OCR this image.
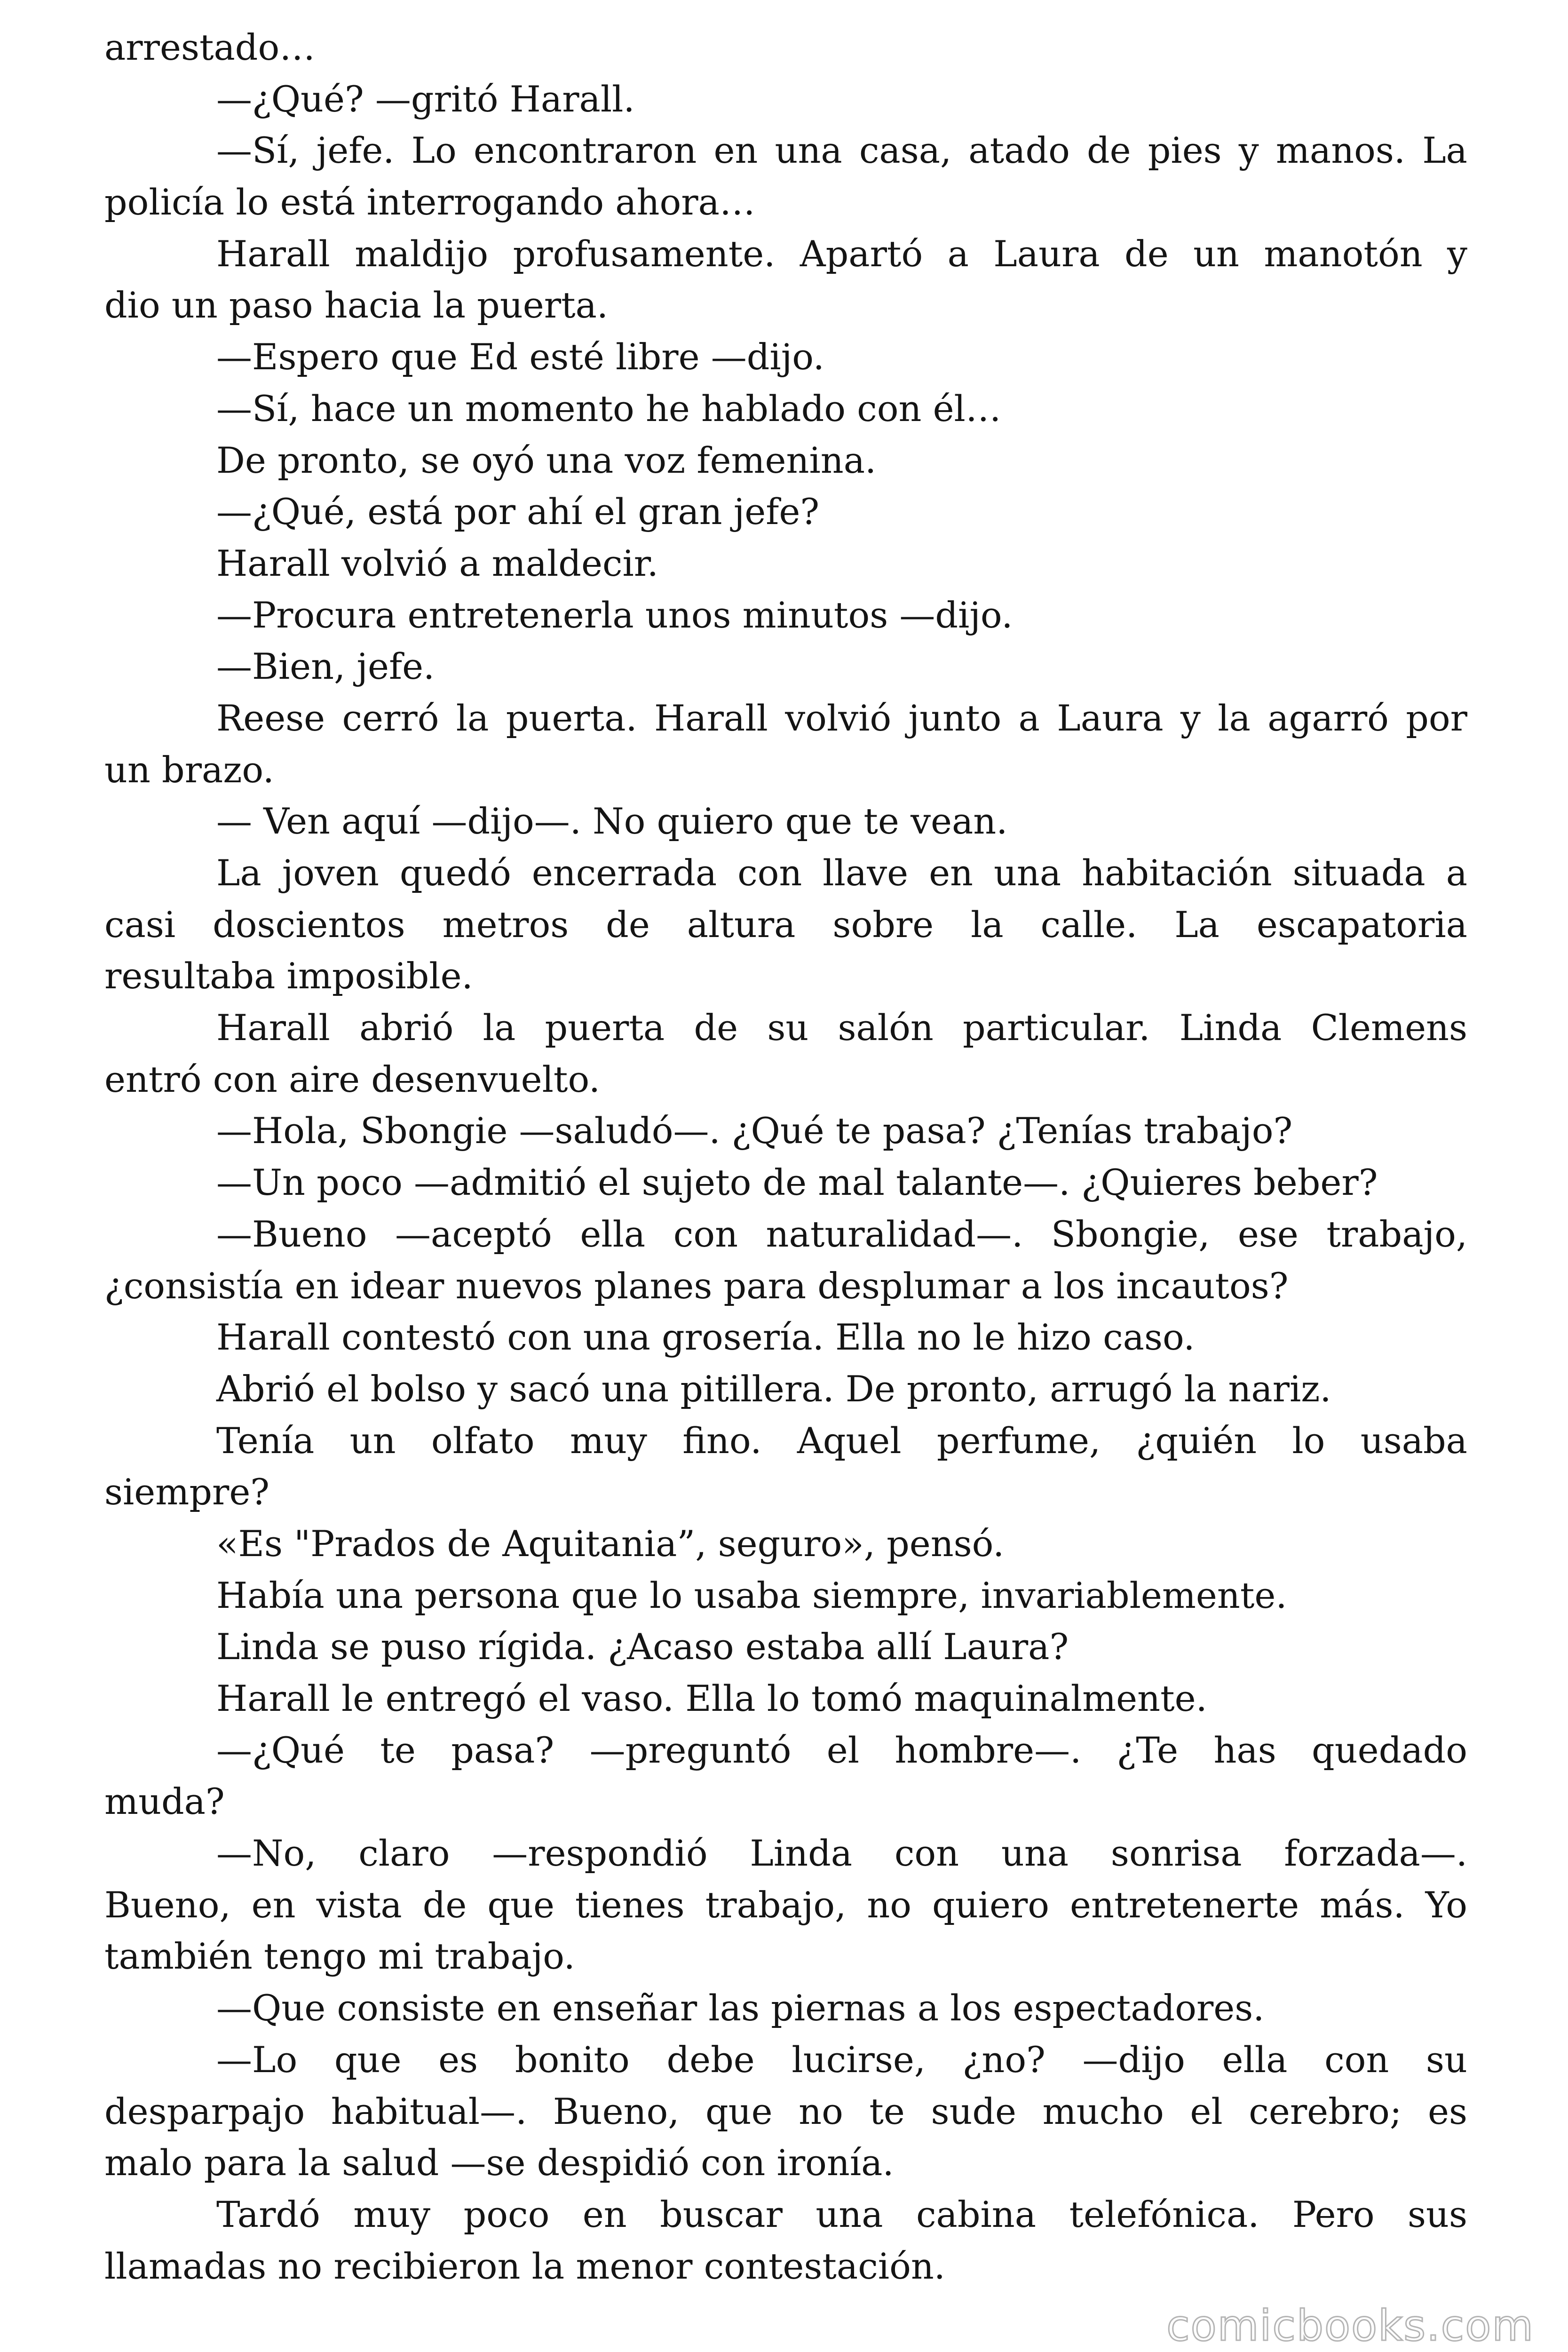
arrestado…
—¿Qué? —gritó Harall.
—Sí, jefe. Lo encontraron en una casa, atado de pies y manos. La
policía lo está interrogando ahora…
Harall maldijo profusamente. Apartó a Laura de un manotón y
dio un paso hacia la puerta.
—Espero que Ed esté libre —dijo.
—Sí, hace un momento he hablado con él…
De pronto, se oyó una voz femenina.
—¿Qué, está por ahí el gran jefe?
Harall volvió a maldecir.
—Procura entretenerla unos minutos —dijo.
—Bien, jefe.
Reese cerró la puerta. Harall volvió junto a Laura y la agarró por
un brazo.
— Ven aquí —dijo—. No quiero que te vean.
La joven quedó encerrada con llave en una habitación situada a
casi doscientos metros de altura sobre la calle. La escapatoria
resultaba imposible.
Harall abrió la puerta de su salón particular. Linda Clemens
entró con aire desenvuelto.
—Hola, Sbongie —saludó—. ¿Qué te pasa? ¿Tenías trabajo?
—Un poco —admitió el sujeto de mal talante—. ¿Quieres beber?
—Bueno —aceptó ella con naturalidad—. Sbongie, ese trabajo,
¿consistía en idear nuevos planes para desplumar a los incautos?
Harall contestó con una grosería. Ella no le hizo caso.
Abrió el bolso y sacó una pitillera. De pronto, arrugó la nariz.
Tenía un olfato muy fino. Aquel perfume, ¿quién lo usaba
siempre?
«Es "Prados de Aquitania”, seguro», pensó.
Había una persona que lo usaba siempre, invariablemente.
Linda se puso rígida. ¿Acaso estaba allí Laura?
Harall le entregó el vaso. Ella lo tomó maquinalmente.
—¿Qué te pasa? —preguntó el hombre—. ¿Te has quedado
muda?
—No, claro —respondió Linda con una sonrisa forzada—.
Bueno, en vista de que tienes trabajo, no quiero entretenerte más. Yo
también tengo mi trabajo.
—Que consiste en enseñar las piernas a los espectadores.
—Lo que es bonito debe lucirse, ¿no? —dijo ella con su
desparpajo habitual—. Bueno, que no te sude mucho el cerebro; es
malo para la salud —se despidió con ironía.
Tardó muy poco en buscar una cabina telefónica. Pero sus
llamadas no recibieron la menor contestación.
comicbooks.com
